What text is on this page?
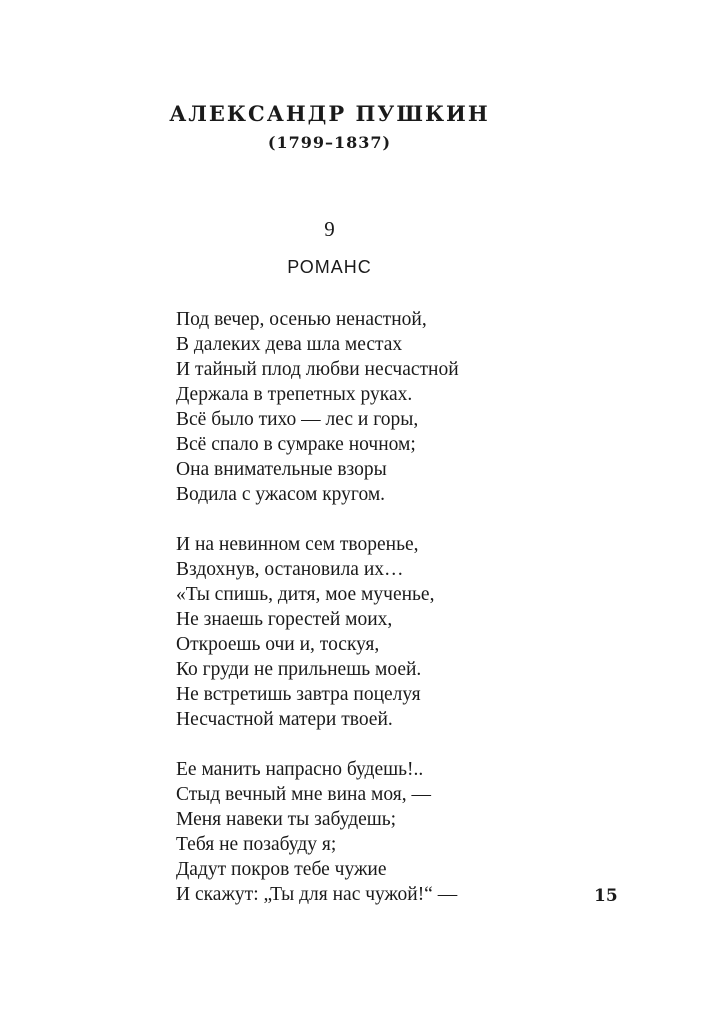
АЛЕКСАНДР ПУШКИН
(1799–1837)
9
РОМАНС
Под вечер, осенью ненастной,
В далеких дева шла местах
И тайный плод любви несчастной
Держала в трепетных руках.
Всё было тихо — лес и горы,
Всё спало в сумраке ночном;
Она внимательные взоры
Водила с ужасом кругом.
И на невинном сем творенье,
Вздохнув, остановила их…
«Ты спишь, дитя, мое мученье,
Не знаешь горестей моих,
Откроешь очи и, тоскуя,
Ко груди не прильнешь моей.
Не встретишь завтра поцелуя
Несчастной матери твоей.
Ее манить напрасно будешь!..
Стыд вечный мне вина моя, —
Меня навеки ты забудешь;
Тебя не позабуду я;
Дадут покров тебе чужие
И скажут: „Ты для нас чужой!“ —	15
